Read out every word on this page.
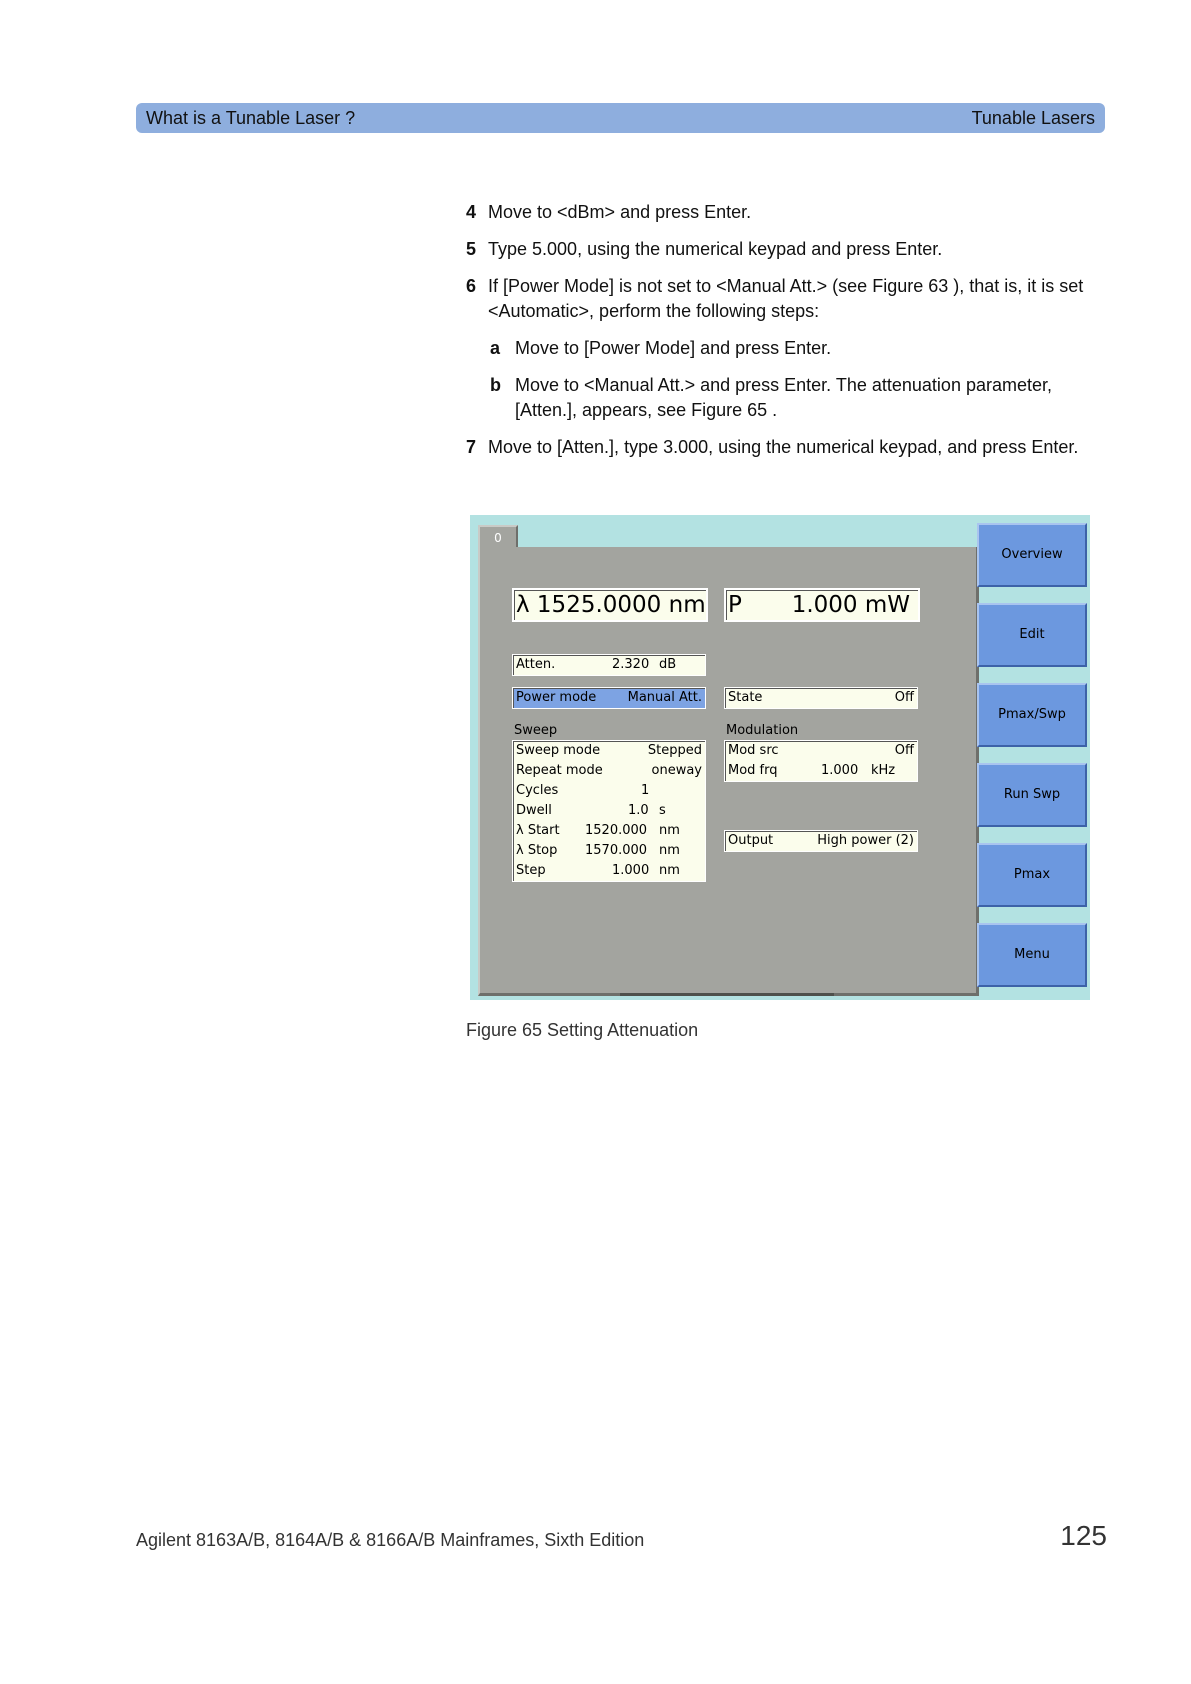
What is a Tunable Laser ?	Tunable Lasers
4 Move to <dBm> and press Enter.
5 Type 5.000, using the numerical keypad and press Enter.
6 If [Power Mode] is not set to <Manual Att.> (see Figure 63 ), that is, it is set <Automatic>, perform the following steps:
a Move to [Power Mode] and press Enter.
b Move to <Manual Att.> and press Enter. The attenuation parameter, [Atten.], appears, see Figure 65 .
7 Move to [Atten.], type 3.000, using the numerical keypad, and press Enter.
0
λ 1525.0000 nm P 1.000 mW
Atten.	2.320 dB
Power mode Manual Att. State	Off
Sweep
Sweep mode	Stepped
Repeat mode	oneway
Cycles	1
Dwell	1.0 s
λ Start 1520.000 nm
λ Stop 1570.000 nm
Step	1.000 nm
Modulation
Mod src	Off
Mod frq	1.000 kHz
Output	High power (2)
Overview
Edit
Pmax/Swp
Run Swp
Pmax
Menu
Figure 65 Setting Attenuation
Agilent 8163A/B, 8164A/B & 8166A/B Mainframes, Sixth Edition	125
